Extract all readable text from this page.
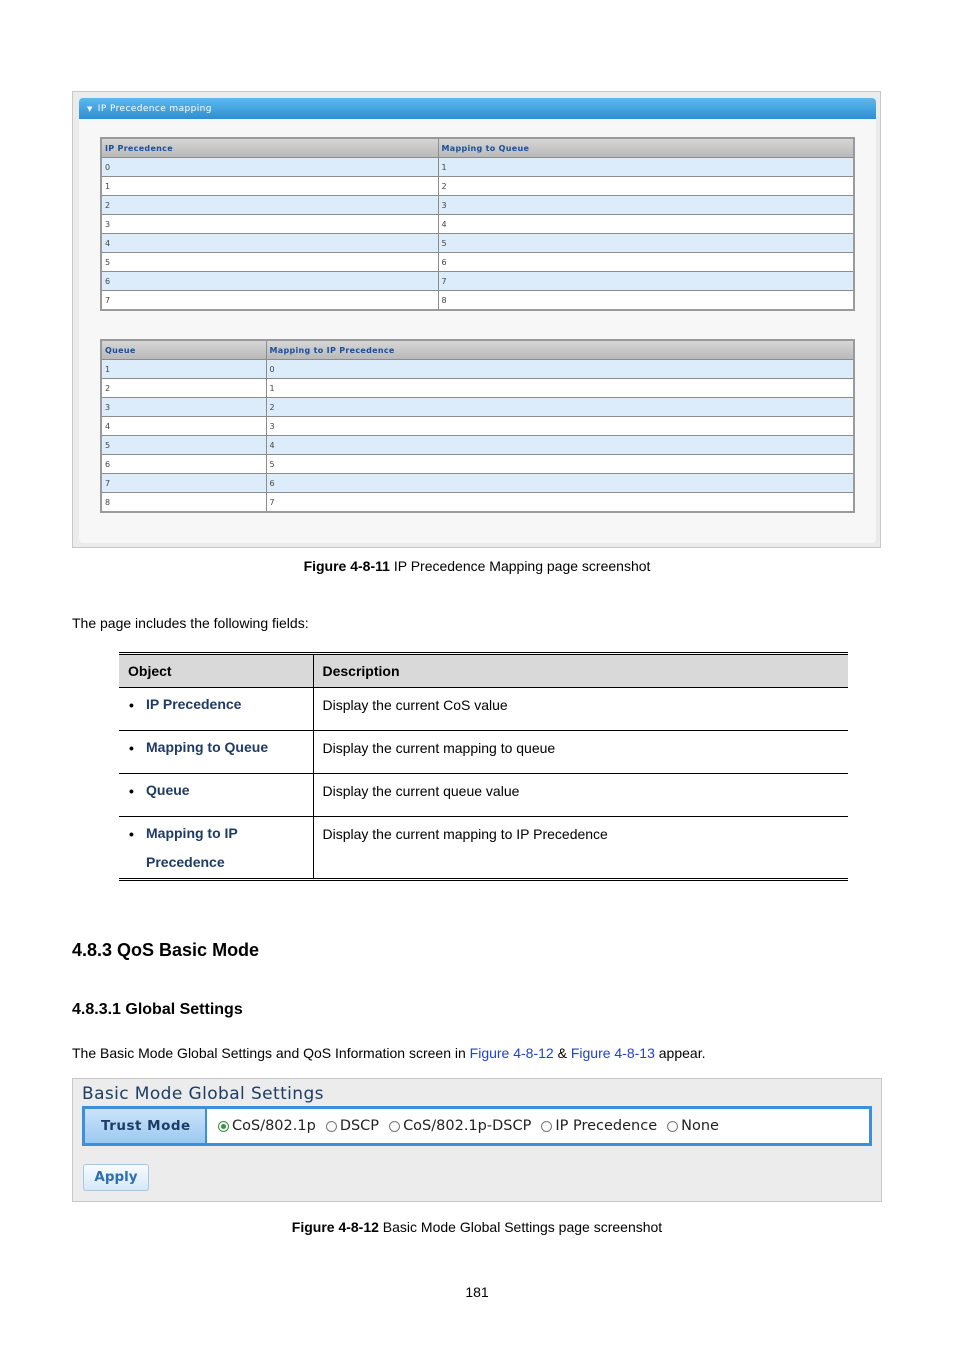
▼ IP Precedence mapping
IP Precedence	Mapping to Queue
0	1
1	2
2	3
3	4
4	5
5	6
6	7
7	8
Queue	Mapping to IP Precedence
1	0
2	1
3	2
4	3
5	4
6	5
7	6
8	7
Figure 4-8-11 IP Precedence Mapping page screenshot
The page includes the following fields:
Object	Description
• IP Precedence	Display the current CoS value
• Mapping to Queue	Display the current mapping to queue
• Queue	Display the current queue value
• Mapping to IP
Precedence	Display the current mapping to IP Precedence
4.8.3 QoS Basic Mode
4.8.3.1 Global Settings
The Basic Mode Global Settings and QoS Information screen in Figure 4-8-12 & Figure 4-8-13 appear.
Basic Mode Global Settings
Trust Mode	CoS/802.1p DSCP CoS/802.1p-DSCP IP Precedence None
Apply
Figure 4-8-12 Basic Mode Global Settings page screenshot
181
